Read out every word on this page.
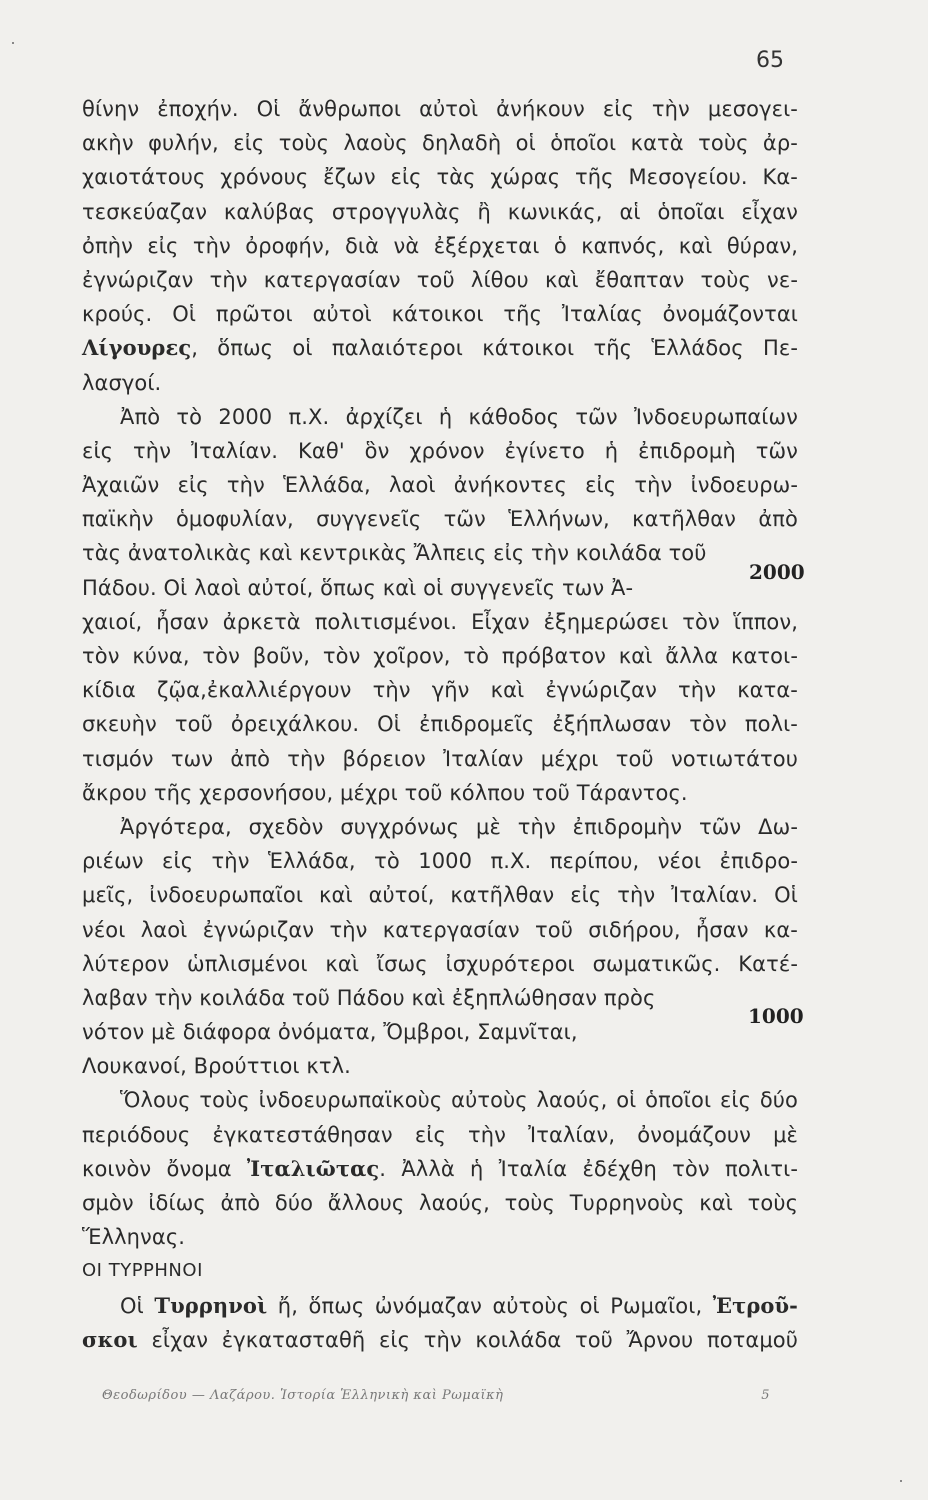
65
θίνην ἐποχήν. Οἱ ἄνθρωποι αὐτοὶ ἀνήκουν εἰς τὴν μεσογει-
ακὴν φυλήν, εἰς τοὺς λαοὺς δηλαδὴ οἱ ὁποῖοι κατὰ τοὺς ἀρ-
χαιοτάτους χρόνους ἔζων εἰς τὰς χώρας τῆς Μεσογείου. Κα-
τεσκεύαζαν καλύβας στρογγυλὰς ἢ κωνικάς, αἱ ὁποῖαι εἶχαν
ὀπὴν εἰς τὴν ὀροφήν, διὰ νὰ ἐξέρχεται ὁ καπνός, καὶ θύραν,
ἐγνώριζαν τὴν κατεργασίαν τοῦ λίθου καὶ ἔθαπταν τοὺς νε-
κρούς. Οἱ πρῶτοι αὐτοὶ κάτοικοι τῆς Ἰταλίας ὀνομάζονται
Λίγουρες, ὅπως οἱ παλαιότεροι κάτοικοι τῆς Ἑλλάδος Πε-
λασγοί.
Ἀπὸ τὸ 2000 π.Χ. ἀρχίζει ἡ κάθοδος τῶν Ἰνδοευρωπαίων
εἰς τὴν Ἰταλίαν. Καθ' ὃν χρόνον ἐγίνετο ἡ ἐπιδρομὴ τῶν
Ἀχαιῶν εἰς τὴν Ἑλλάδα, λαοὶ ἀνήκοντες εἰς τὴν ἰνδοευρω-
παϊκὴν ὁμοφυλίαν, συγγενεῖς τῶν Ἑλλήνων, κατῆλθαν ἀπὸ
τὰς ἀνατολικὰς καὶ κεντρικὰς Ἄλπεις εἰς τὴν κοιλάδα τοῦ
Πάδου. Οἱ λαοὶ αὐτοί, ὅπως καὶ οἱ συγγενεῖς των Ἀ-
χαιοί, ἦσαν ἀρκετὰ πολιτισμένοι. Εἶχαν ἐξημερώσει τὸν ἵππον,
τὸν κύνα, τὸν βοῦν, τὸν χοῖρον, τὸ πρόβατον καὶ ἄλλα κατοι-
κίδια ζῷα,ἐκαλλιέργουν τὴν γῆν καὶ ἐγνώριζαν τὴν κατα-
σκευὴν τοῦ ὀρειχάλκου. Οἱ ἐπιδρομεῖς ἐξήπλωσαν τὸν πολι-
τισμόν των ἀπὸ τὴν βόρειον Ἰταλίαν μέχρι τοῦ νοτιωτάτου
ἄκρου τῆς χερσονήσου, μέχρι τοῦ κόλπου τοῦ Τάραντος.
Ἀργότερα, σχεδὸν συγχρόνως μὲ τὴν ἐπιδρομὴν τῶν Δω-
ριέων εἰς τὴν Ἑλλάδα, τὸ 1000 π.Χ. περίπου, νέοι ἐπιδρο-
μεῖς, ἰνδοευρωπαῖοι καὶ αὐτοί, κατῆλθαν εἰς τὴν Ἰταλίαν. Οἱ
νέοι λαοὶ ἐγνώριζαν τὴν κατεργασίαν τοῦ σιδήρου, ἦσαν κα-
λύτερον ὡπλισμένοι καὶ ἴσως ἰσχυρότεροι σωματικῶς. Κατέ-
λαβαν τὴν κοιλάδα τοῦ Πάδου καὶ ἐξηπλώθησαν πρὸς
νότον μὲ διάφορα ὀνόματα, Ὄμβροι, Σαμνῖται,
Λουκανοί, Βρούττιοι κτλ.
Ὅλους τοὺς ἰνδοευρωπαϊκοὺς αὐτοὺς λαούς, οἱ ὁποῖοι εἰς δύο
περιόδους ἐγκατεστάθησαν εἰς τὴν Ἰταλίαν, ὀνομάζουν μὲ
κοινὸν ὄνομα Ἰταλιῶτας. Ἀλλὰ ἡ Ἰταλία ἐδέχθη τὸν πολιτι-
σμὸν ἰδίως ἀπὸ δύο ἄλλους λαούς, τοὺς Τυρρηνοὺς καὶ τοὺς
Ἕλληνας.
ΟΙ ΤΥΡΡΗΝΟΙ
Οἱ Τυρρηνοὶ ἤ, ὅπως ὠνόμαζαν αὐτοὺς οἱ Ρωμαῖοι, Ἐτροῦ-
σκοι εἶχαν ἐγκατασταθῆ εἰς τὴν κοιλάδα τοῦ Ἄρνου ποταμοῦ
2000
1000
Θεοδωρίδου — Λαζάρου. Ἱστορία Ἑλληνικὴ καὶ Ρωμαϊκὴ	5
